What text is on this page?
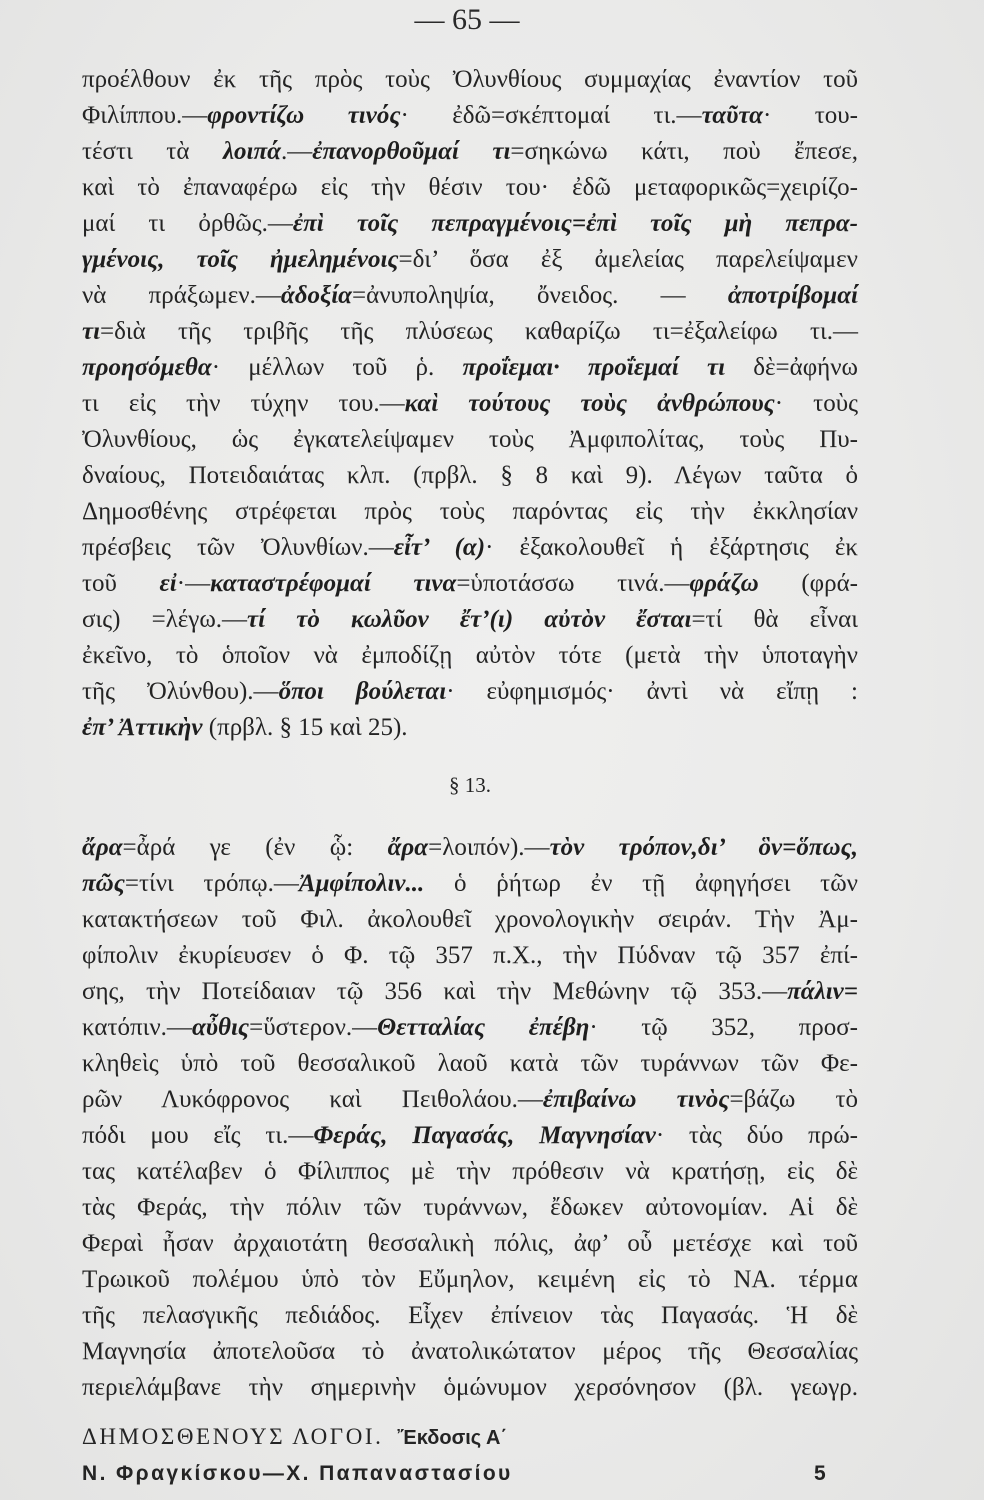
— 65 —
προέλθουν ἐκ τῆς πρὸς τοὺς Ὀλυνθίους συμμαχίας ἐναντίον τοῦ
Φιλίππου.—φροντίζω τινός· ἐδῶ=σκέπτομαί τι.—ταῦτα· του-
τέστι τὰ λοιπά.—ἐπανορθοῦμαί τι=σηκώνω κάτι, ποὺ ἔπεσε,
καὶ τὸ ἐπαναφέρω εἰς τὴν θέσιν του· ἐδῶ μεταφορικῶς=χειρίζο-
μαί τι ὀρθῶς.—ἐπὶ τοῖς πεπραγμένοις=ἐπὶ τοῖς μὴ πεπρα-
γμένοις, τοῖς ἠμελημένοις=δι’ ὅσα ἐξ ἀμελείας παρελείψαμεν
νὰ πράξωμεν.—ἀδοξία=ἀνυποληψία, ὄνειδος. — ἀποτρίβομαί
τι=διὰ τῆς τριβῆς τῆς πλύσεως καθαρίζω τι=ἐξαλείφω τι.—
προησόμεθα· μέλλων τοῦ ῥ. προΐεμαι· προΐεμαί τι δὲ=ἀφήνω
τι εἰς τὴν τύχην του.—καὶ τούτους τοὺς ἀνθρώπους· τοὺς
Ὀλυνθίους, ὡς ἐγκατελείψαμεν τοὺς Ἀμφιπολίτας, τοὺς Πυ-
δναίους, Ποτειδαιάτας κλπ. (πρβλ. § 8 καὶ 9). Λέγων ταῦτα ὁ
Δημοσθένης στρέφεται πρὸς τοὺς παρόντας εἰς τὴν ἐκκλησίαν
πρέσβεις τῶν Ὀλυνθίων.—εἶτ’ (α)· ἐξακολουθεῖ ἡ ἐξάρτησις ἐκ
τοῦ εἰ·—καταστρέφομαί τινα=ὑποτάσσω τινά.—φράζω (φρά-
σις) =λέγω.—τί τὸ κωλῦον ἔτ’(ι) αὐτὸν ἔσται=τί θὰ εἶναι
ἐκεῖνο, τὸ ὁποῖον νὰ ἐμποδίζῃ αὐτὸν τότε (μετὰ τὴν ὑποταγὴν
τῆς Ὀλύνθου).—ὅποι βούλεται· εὐφημισμός· ἀντὶ νὰ εἴπῃ :
ἐπ’ Ἀττικὴν (πρβλ. § 15 καὶ 25).
§ 13.
ἄρα=ἆρά γε (ἐν ᾧ: ἄρα=λοιπόν).—τὸν τρόπον,δι’ ὃν=ὅπως,
πῶς=τίνι τρόπῳ.—Ἀμφίπολιν... ὁ ῥήτωρ ἐν τῇ ἀφηγήσει τῶν
κατακτήσεων τοῦ Φιλ. ἀκολουθεῖ χρονολογικὴν σειράν. Τὴν Ἀμ-
φίπολιν ἐκυρίευσεν ὁ Φ. τῷ 357 π.Χ., τὴν Πύδναν τῷ 357 ἐπί-
σης, τὴν Ποτείδαιαν τῷ 356 καὶ τὴν Μεθώνην τῷ 353.—πάλιν=
κατόπιν.—αὖθις=ὕστερον.—Θετταλίας ἐπέβη· τῷ 352, προσ-
κληθεὶς ὑπὸ τοῦ θεσσαλικοῦ λαοῦ κατὰ τῶν τυράννων τῶν Φε-
ρῶν Λυκόφρονος καὶ Πειθολάου.—ἐπιβαίνω τινὸς=βάζω τὸ
πόδι μου εἴς τι.—Φεράς, Παγασάς, Μαγνησίαν· τὰς δύο πρώ-
τας κατέλαβεν ὁ Φίλιππος μὲ τὴν πρόθεσιν νὰ κρατήσῃ, εἰς δὲ
τὰς Φεράς, τὴν πόλιν τῶν τυράννων, ἔδωκεν αὐτονομίαν. Αἱ δὲ
Φεραὶ ἦσαν ἀρχαιοτάτη θεσσαλικὴ πόλις, ἀφ’ οὗ μετέσχε καὶ τοῦ
Τρωικοῦ πολέμου ὑπὸ τὸν Εὔμηλον, κειμένη εἰς τὸ ΝΑ. τέρμα
τῆς πελασγικῆς πεδιάδος. Εἶχεν ἐπίνειον τὰς Παγασάς. Ἡ δὲ
Μαγνησία ἀποτελοῦσα τὸ ἀνατολικώτατον μέρος τῆς Θεσσαλίας
περιελάμβανε τὴν σημερινὴν ὁμώνυμον χερσόνησον (βλ. γεωγρ.
ΔΗΜΟΣΘΕΝΟΥΣ ΛΟΓΟΙ. Ἔκδοσις Α΄
Ν. Φραγκίσκου—Χ. Παπαναστασίου	5
